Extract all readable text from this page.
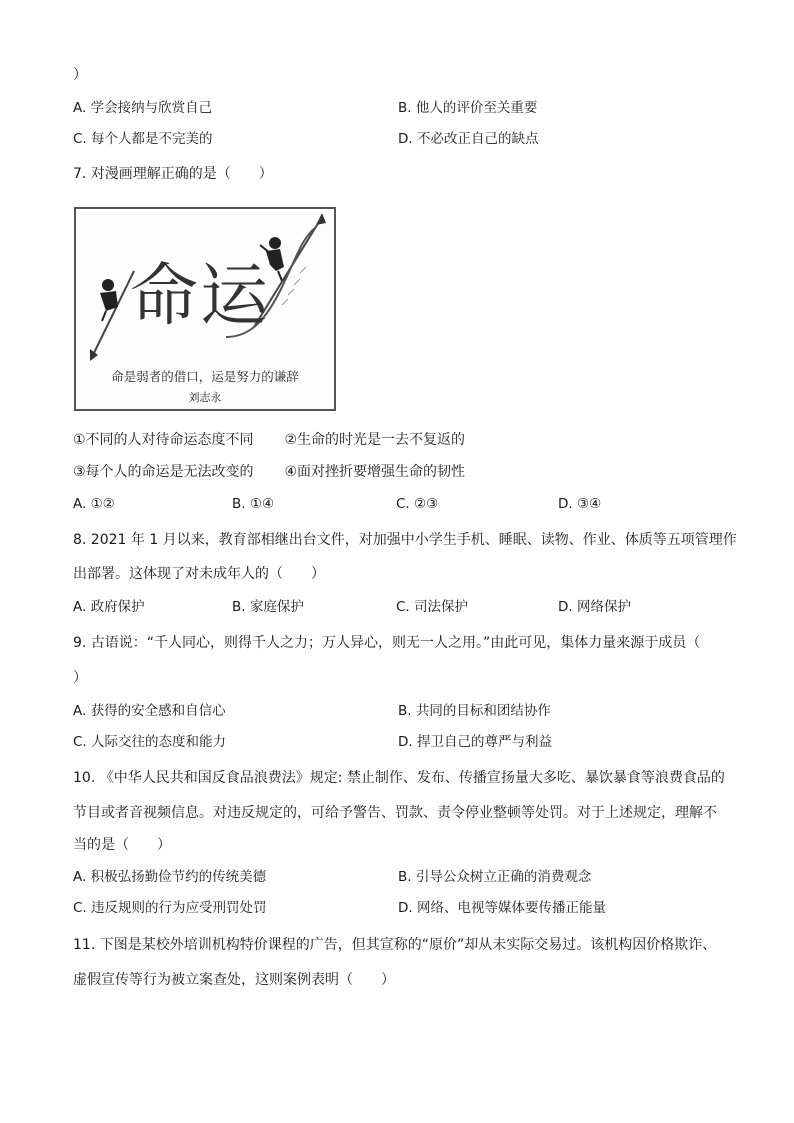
）
A. 学会接纳与欣赏自己	B. 他人的评价至关重要
C. 每个人都是不完美的	D. 不必改正自己的缺点
7. 对漫画理解正确的是（　　）
命运
命是弱者的借口，运是努力的谦辞
刘志永
①不同的人对待命运态度不同 ②生命的时光是一去不复返的
③每个人的命运是无法改变的 ④面对挫折要增强生命的韧性
A. ①②	B. ①④	C. ②③	D. ③④
8. 2021 年 1 月以来，教育部相继出台文件，对加强中小学生手机、睡眠、读物、作业、体质等五项管理作
出部署。这体现了对未成年人的（　　）
A. 政府保护	B. 家庭保护	C. 司法保护	D. 网络保护
9. 古语说：“千人同心，则得千人之力；万人异心，则无一人之用。”由此可见，集体力量来源于成员（
）
A. 获得的安全感和自信心	B. 共同的目标和团结协作
C. 人际交往的态度和能力	D. 捍卫自己的尊严与利益
10. 《中华人民共和国反食品浪费法》规定: 禁止制作、发布、传播宣扬量大多吃、暴饮暴食等浪费食品的
节目或者音视频信息。对违反规定的，可给予警告、罚款、责令停业整顿等处罚。对于上述规定，理解不
当的是（　　）
A. 积极弘扬勤俭节约的传统美德	B. 引导公众树立正确的消费观念
C. 违反规则的行为应受刑罚处罚	D. 网络、电视等媒体要传播正能量
11. 下图是某校外培训机构特价课程的广告，但其宣称的“原价”却从未实际交易过。该机构因价格欺诈、
虚假宣传等行为被立案查处，这则案例表明（　　）
